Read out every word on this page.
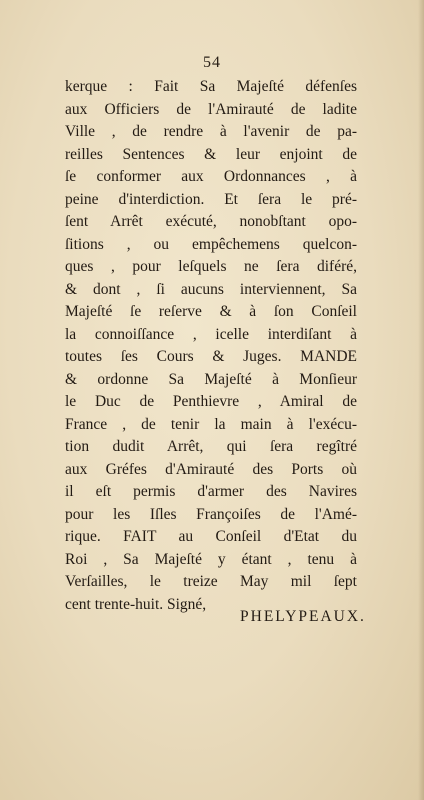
54
kerque : Fait Sa Majeſté défenſes
aux Officiers de l'Amirauté de ladite
Ville , de rendre à l'avenir de pa-
reilles Sentences & leur enjoint de
ſe conformer aux Ordonnances , à
peine d'interdiction. Et ſera le pré-
ſent Arrêt exécuté, nonobſtant opo-
ſitions , ou empêchemens quelcon-
ques , pour leſquels ne ſera diféré,
& dont , ſi aucuns interviennent, Sa
Majeſté ſe reſerve & à ſon Conſeil
la connoiſſance , icelle interdiſant à
toutes ſes Cours & Juges. MANDE
& ordonne Sa Majeſté à Monſieur
le Duc de Penthievre , Amiral de
France , de tenir la main à l'exécu-
tion dudit Arrêt, qui ſera regîtré
aux Gréfes d'Amirauté des Ports où
il eſt permis d'armer des Navires
pour les Iſles Françoiſes de l'Amé-
rique. FAIT au Conſeil d'Etat du
Roi , Sa Majeſté y étant , tenu à
Verſailles, le treize May mil ſept
cent trente-huit. Signé,
PHELYPEAUX.
